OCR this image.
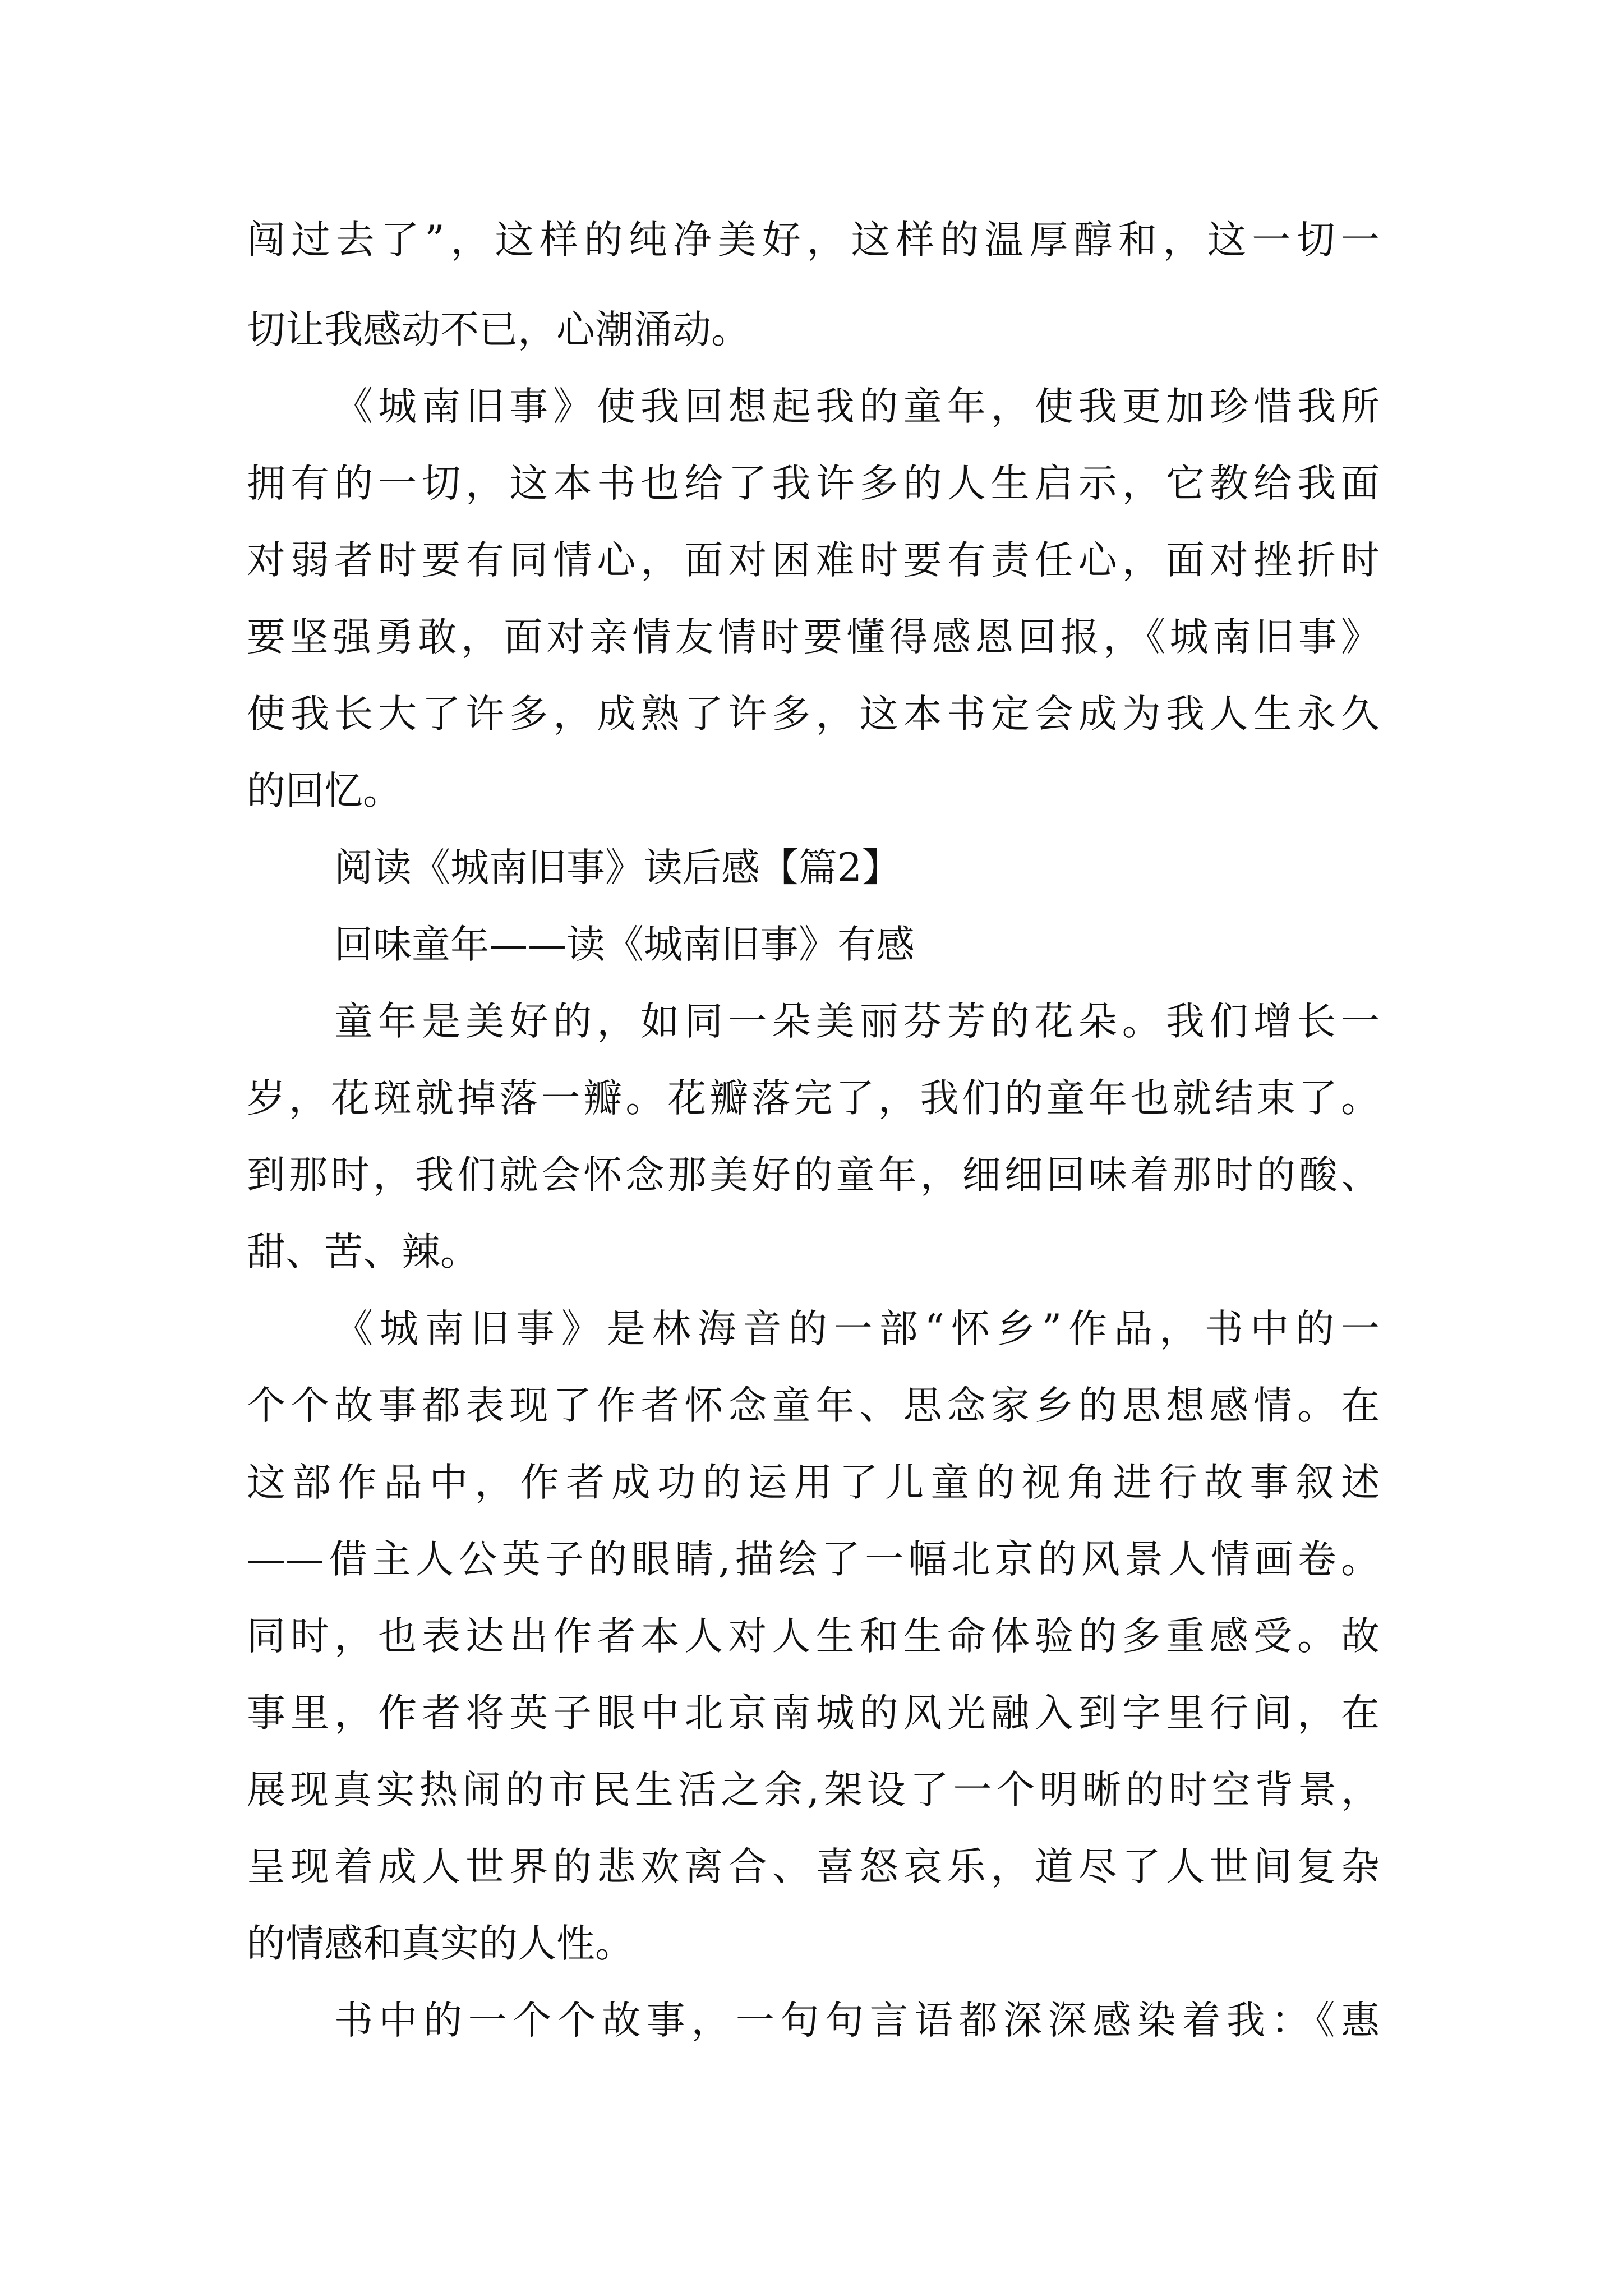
闯过去了”，这样的纯净美好，这样的温厚醇和，这一切一
切让我感动不已，心潮涌动。
《城南旧事》使我回想起我的童年，使我更加珍惜我所
拥有的一切，这本书也给了我许多的人生启示，它教给我面
对弱者时要有同情心，面对困难时要有责任心，面对挫折时
要坚强勇敢，面对亲情友情时要懂得感恩回报，《城南旧事》
使我长大了许多，成熟了许多，这本书定会成为我人生永久
的回忆。
阅读《城南旧事》读后感【篇2】
回味童年——读《城南旧事》有感
童年是美好的，如同一朵美丽芬芳的花朵。我们增长一
岁，花斑就掉落一瓣。花瓣落完了，我们的童年也就结束了。
到那时，我们就会怀念那美好的童年，细细回味着那时的酸、
甜、苦、辣。
《城南旧事》是林海音的一部“怀乡”作品，书中的一
个个故事都表现了作者怀念童年、思念家乡的思想感情。在
这部作品中，作者成功的运用了儿童的视角进行故事叙述
——借主人公英子的眼睛,描绘了一幅北京的风景人情画卷。
同时，也表达出作者本人对人生和生命体验的多重感受。故
事里，作者将英子眼中北京南城的风光融入到字里行间，在
展现真实热闹的市民生活之余,架设了一个明晰的时空背景，
呈现着成人世界的悲欢离合、喜怒哀乐，道尽了人世间复杂
的情感和真实的人性。
书中的一个个故事，一句句言语都深深感染着我：《惠
